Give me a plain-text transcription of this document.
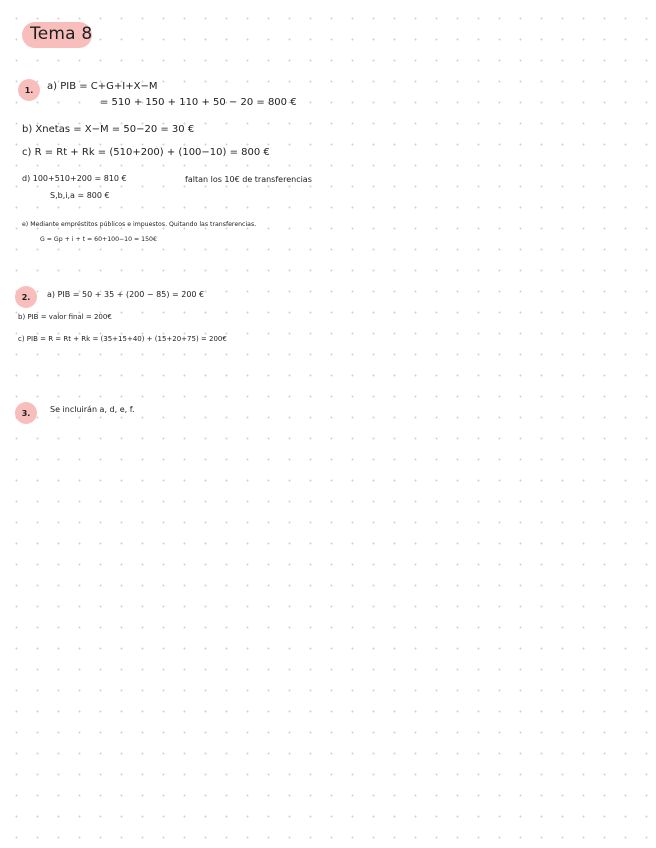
Tema 8
1.	a) PIB = C+G+I+X−M
= 510 + 150 + 110 + 50 − 20 = 800 €
b) Xnetas = X−M = 50−20 = 30 €
c) R = Rt + Rk = (510+200) + (100−10) = 800 €
d) 100+510+200 = 810 €	faltan los 10€ de transferencias
S,b,i,a = 800 €
e) Mediante empréstitos públicos e impuestos. Quitando las transferencias.
G = Gp + i + t = 60+100−10 = 150€
2.	a) PIB = 50 + 35 + (200 − 85) = 200 €
b) PIB = valor final = 200€
c) PIB = R = Rt + Rk = (35+15+40) + (15+20+75) = 200€
3.	Se incluirán a, d, e, f.
